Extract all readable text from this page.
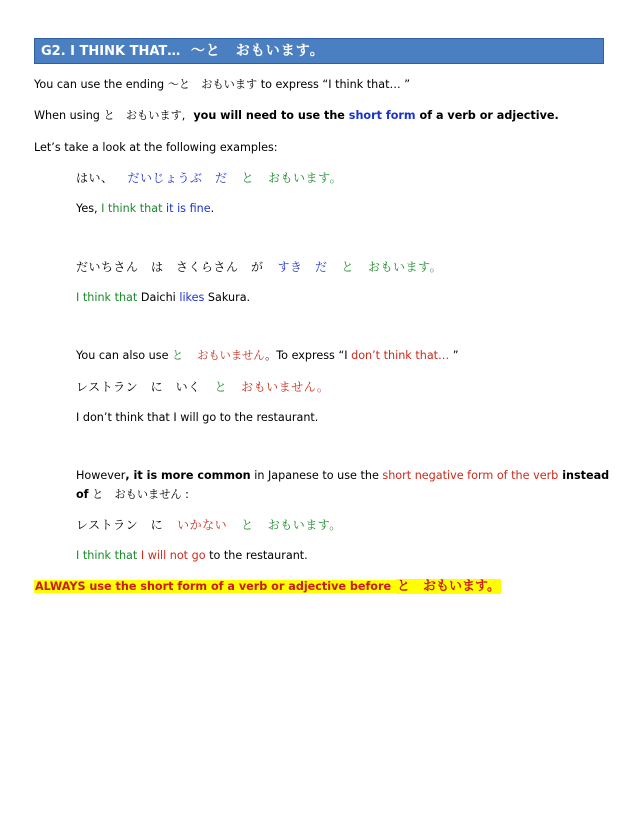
G2. I THINK THAT… 〜と　おもいます。
You can use the ending 〜と　おもいます to express “I think that… ”
When using と　おもいます, you will need to use the short form of a verb or adjective.
Let’s take a look at the following examples:
はい、 だいじょうぶ　だ と おもいます。
Yes, I think that it is fine.
だいちさん　は　さくらさん　が すき　だ と おもいます。
I think that Daichi likes Sakura.
You can also use と おもいません。To express “I don’t think that… ”
レストラン　に　いく と おもいません。
I don’t think that I will go to the restaurant.
However, it is more common in Japanese to use the short negative form of the verb instead
of と　おもいません :
レストラン　に いかない と おもいます。
I think that I will not go to the restaurant.
ALWAYS use the short form of a verb or adjective before と　おもいます。
